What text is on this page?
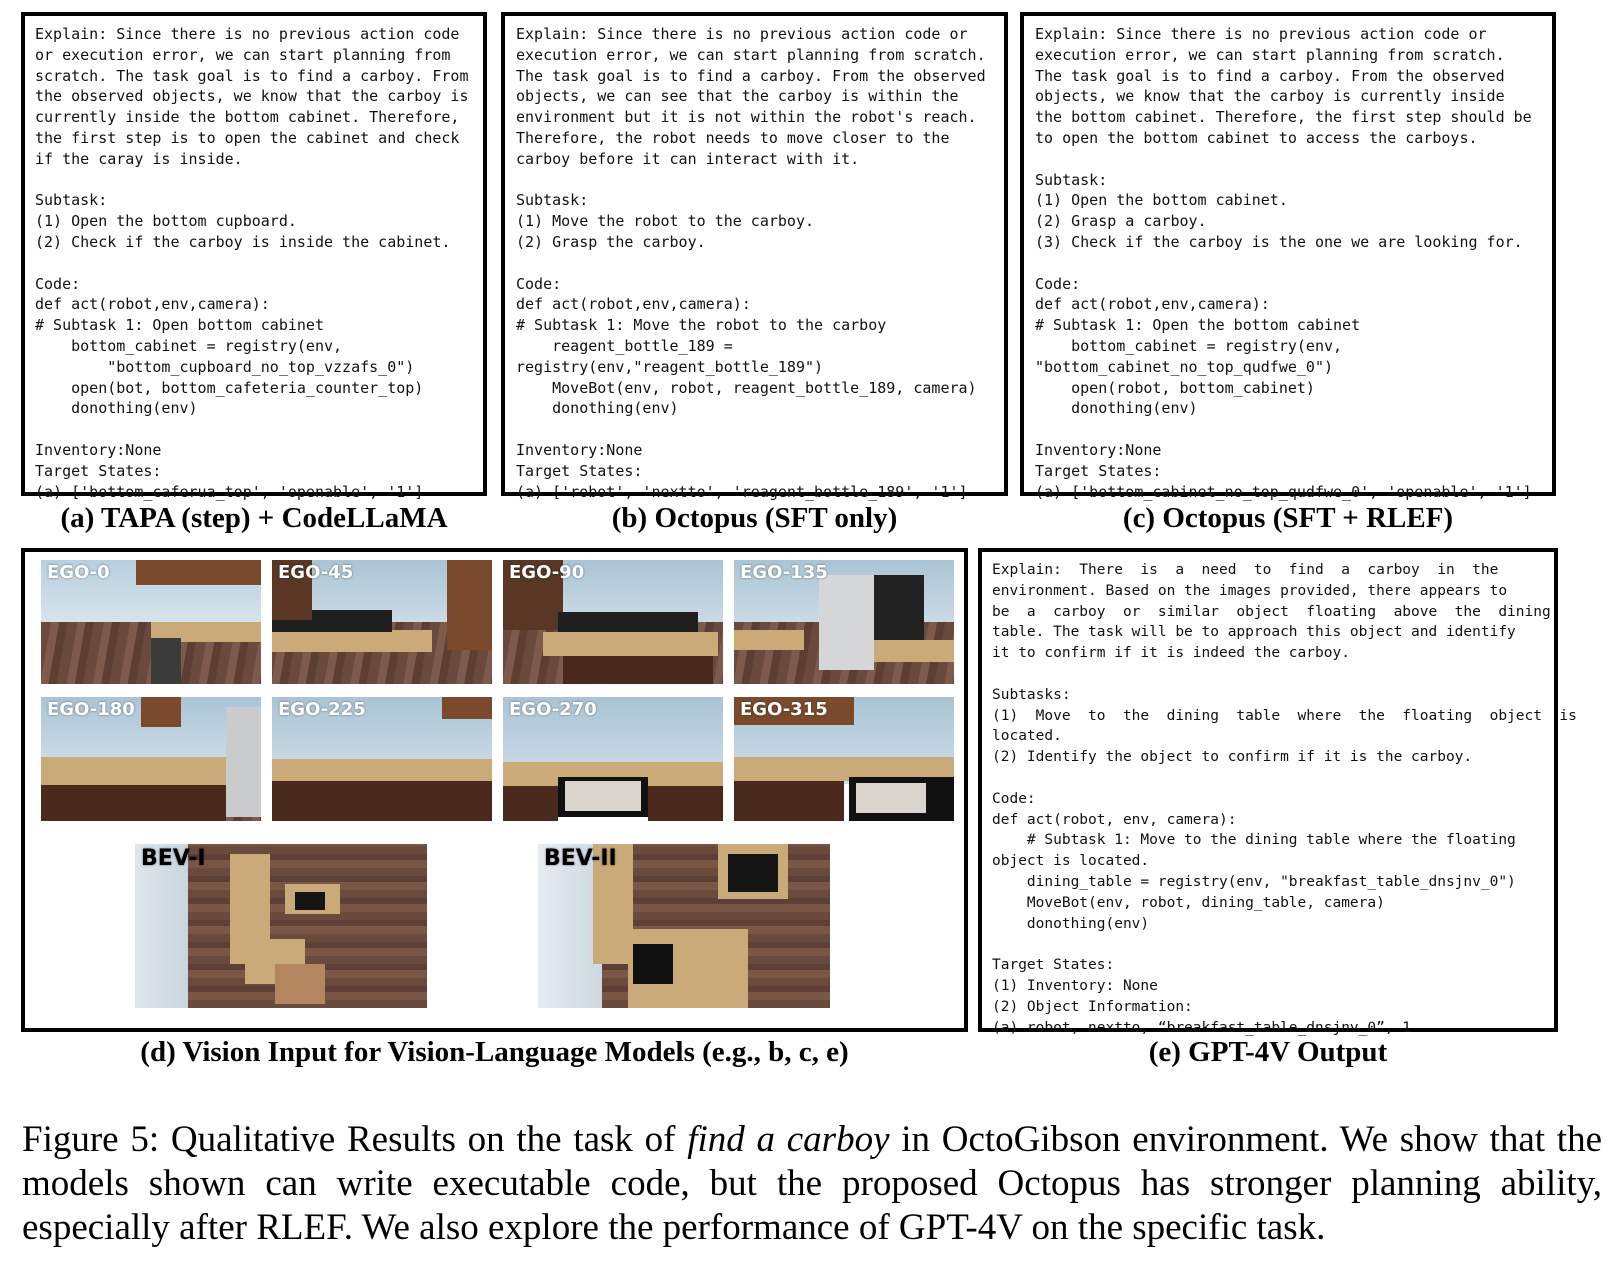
Explain: Since there is no previous action code
or execution error, we can start planning from
scratch. The task goal is to find a carboy. From
the observed objects, we know that the carboy is
currently inside the bottom cabinet. Therefore,
the first step is to open the cabinet and check
if the caray is inside.

Subtask:
(1) Open the bottom cupboard.
(2) Check if the carboy is inside the cabinet.

Code:
def act(robot,env,camera):
# Subtask 1: Open bottom cabinet
bottom_cabinet = registry(env,
"bottom_cupboard_no_top_vzzafs_0")
open(bot, bottom_cafeteria_counter_top)
donothing(env)

Inventory:None
Target States:
(a) ['bottom_caferua_top', 'openable', '1']
(a) TAPA (step) + CodeLLaMA
Explain: Since there is no previous action code or
execution error, we can start planning from scratch.
The task goal is to find a carboy. From the observed
objects, we can see that the carboy is within the
environment but it is not within the robot's reach.
Therefore, the robot needs to move closer to the
carboy before it can interact with it.

Subtask:
(1) Move the robot to the carboy.
(2) Grasp the carboy.

Code:
def act(robot,env,camera):
# Subtask 1: Move the robot to the carboy
reagent_bottle_189 =
registry(env,"reagent_bottle_189")
MoveBot(env, robot, reagent_bottle_189, camera)
donothing(env)

Inventory:None
Target States:
(a) ['robot', 'nextto', 'reagent_bottle_189', '1']
(b) Octopus (SFT only)
Explain: Since there is no previous action code or
execution error, we can start planning from scratch.
The task goal is to find a carboy. From the observed
objects, we know that the carboy is currently inside
the bottom cabinet. Therefore, the first step should be
to open the bottom cabinet to access the carboys.

Subtask:
(1) Open the bottom cabinet.
(2) Grasp a carboy.
(3) Check if the carboy is the one we are looking for.

Code:
def act(robot,env,camera):
# Subtask 1: Open the bottom cabinet
bottom_cabinet = registry(env,
"bottom_cabinet_no_top_qudfwe_0")
open(robot, bottom_cabinet)
donothing(env)

Inventory:None
Target States:
(a) ['bottom_cabinet_no_top_qudfwe_0', 'openable', '1']
(c) Octopus (SFT + RLEF)
EGO-0	EGO-45	EGO-90	EGO-135
EGO-180	EGO-225	EGO-270	EGO-315
BEV-I	BEV-II
(d) Vision Input for Vision-Language Models (e.g., b, c, e)
Explain:  There  is  a  need  to  find  a  carboy  in  the
environment. Based on the images provided, there appears to
be  a  carboy  or  similar  object  floating  above  the  dining
table. The task will be to approach this object and identify
it to confirm if it is indeed the carboy.

Subtasks:
(1)  Move  to  the  dining  table  where  the  floating  object  is
located.
(2) Identify the object to confirm if it is the carboy.

Code:
def act(robot, env, camera):
# Subtask 1: Move to the dining table where the floating
object is located.
dining_table = registry(env, "breakfast_table_dnsjnv_0")
MoveBot(env, robot, dining_table, camera)
donothing(env)

Target States:
(1) Inventory: None
(2) Object Information:
(a) robot, nextto, “breakfast_table_dnsjnv_0”, 1
(e) GPT-4V Output
Figure 5: Qualitative Results on the task of find a carboy in OctoGibson environment. We show that the models shown can write executable code, but the proposed Octopus has stronger planning ability, especially after RLEF. We also explore the performance of GPT-4V on the specific task.
